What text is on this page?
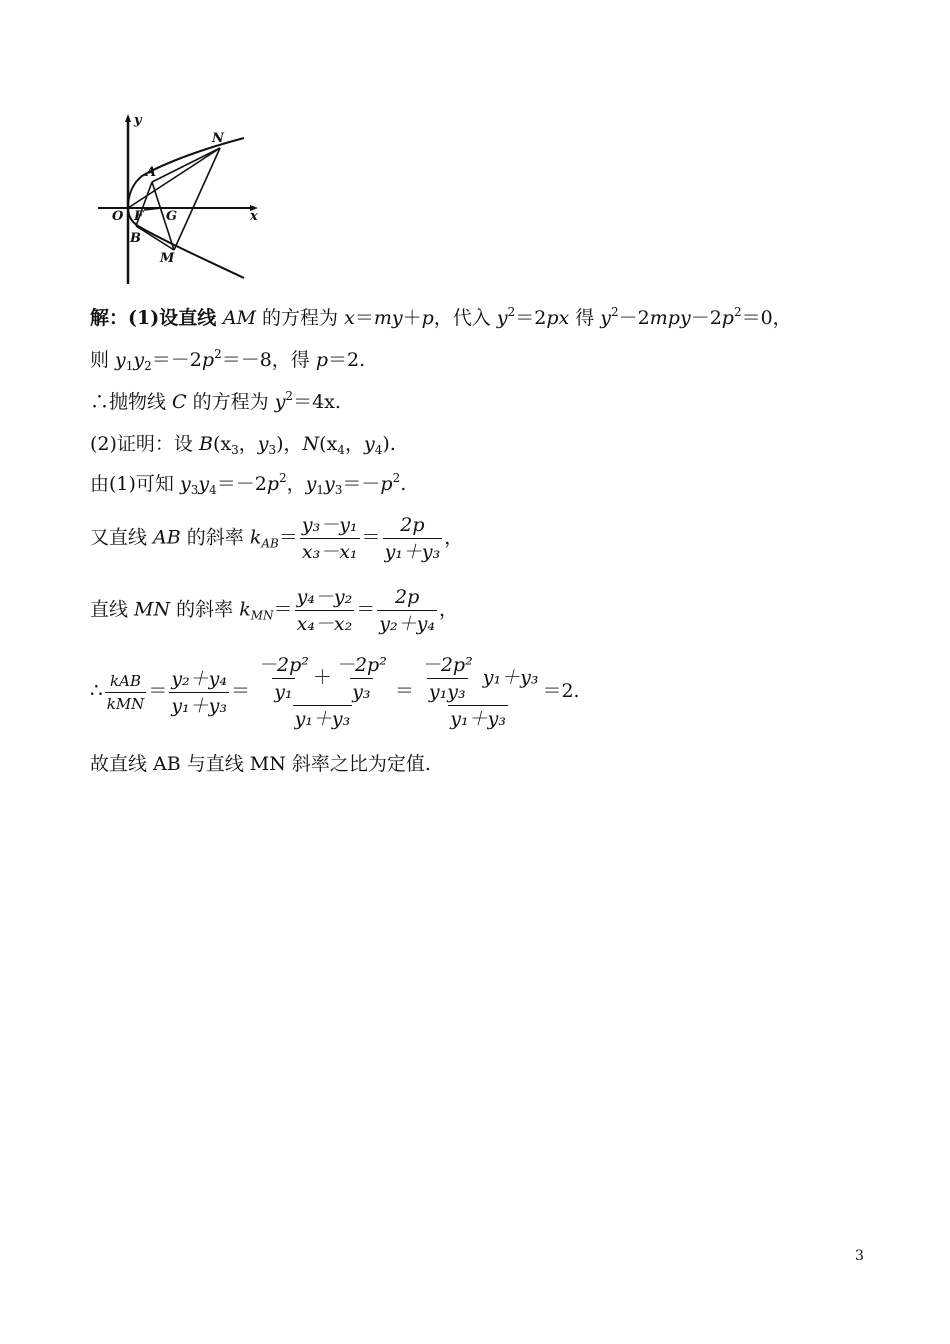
y
x
O F G
A
B
M
N
解：(1)设直线 AM 的方程为 x＝my＋p，代入 $y^2=2px$ 得 $y^2-2mpy-2p^2=0$，
则 $y_1y_2=-2p^2=-8$，得 p＝2.
∴抛物线 C 的方程为 $y^2=4x$.
(2)证明：设 $B(x_3$，$y_3$)，$N(x_4$，$y_4$).
由(1)可知 $y_3y_4=-2p^2$，$y_1y_3=-p^2$.
又直线 AB 的斜率 $k_{AB}= \frac{\text{y₃－y₁}}{\text{x₃－x₁}} = \frac{2p}{\text{y₁＋y₃}}$ ，
直线 MN 的斜率 $k_{MN}= \frac{\text{y₄－y₂}}{\text{x₄－x₂}} = \frac{2p}{\text{y₂＋y₄}}$ ，
∴ $\frac{\text{kAB}}{\text{kMN}} = \frac{\text{y₂＋y₄}}{\text{y₁＋y₃}} = \frac{\frac{\text{－2p²}}{\text{y₁}} + \frac{\text{－2p²}}{\text{y₃}}}{\text{y₁＋y₃}} = \frac{\frac{\text{－2p²}}{\text{y₁y₃}} y_1+y_3}{\text{y₁＋y₃}} =2$.
故直线 AB 与直线 MN 斜率之比为定值.
3
